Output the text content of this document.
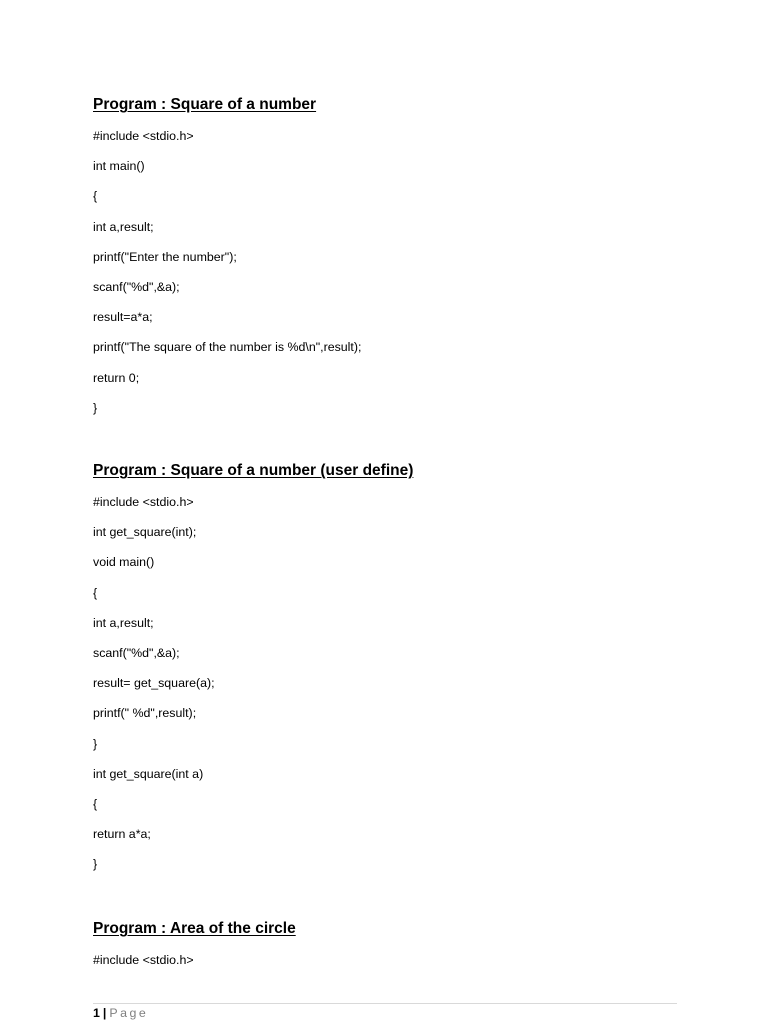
Program : Square of a number
#include <stdio.h>
int main()
{
int a,result;
printf("Enter the number");
scanf("%d",&a);
result=a*a;
printf("The square of the number is %d\n",result);
return 0;
}
Program : Square of a number (user define)
#include <stdio.h>
int get_square(int);
void main()
{
int a,result;
scanf("%d",&a);
result= get_square(a);
printf(" %d",result);
}
int get_square(int a)
{
return a*a;
}
Program : Area of the circle
#include <stdio.h>
1 | Page
